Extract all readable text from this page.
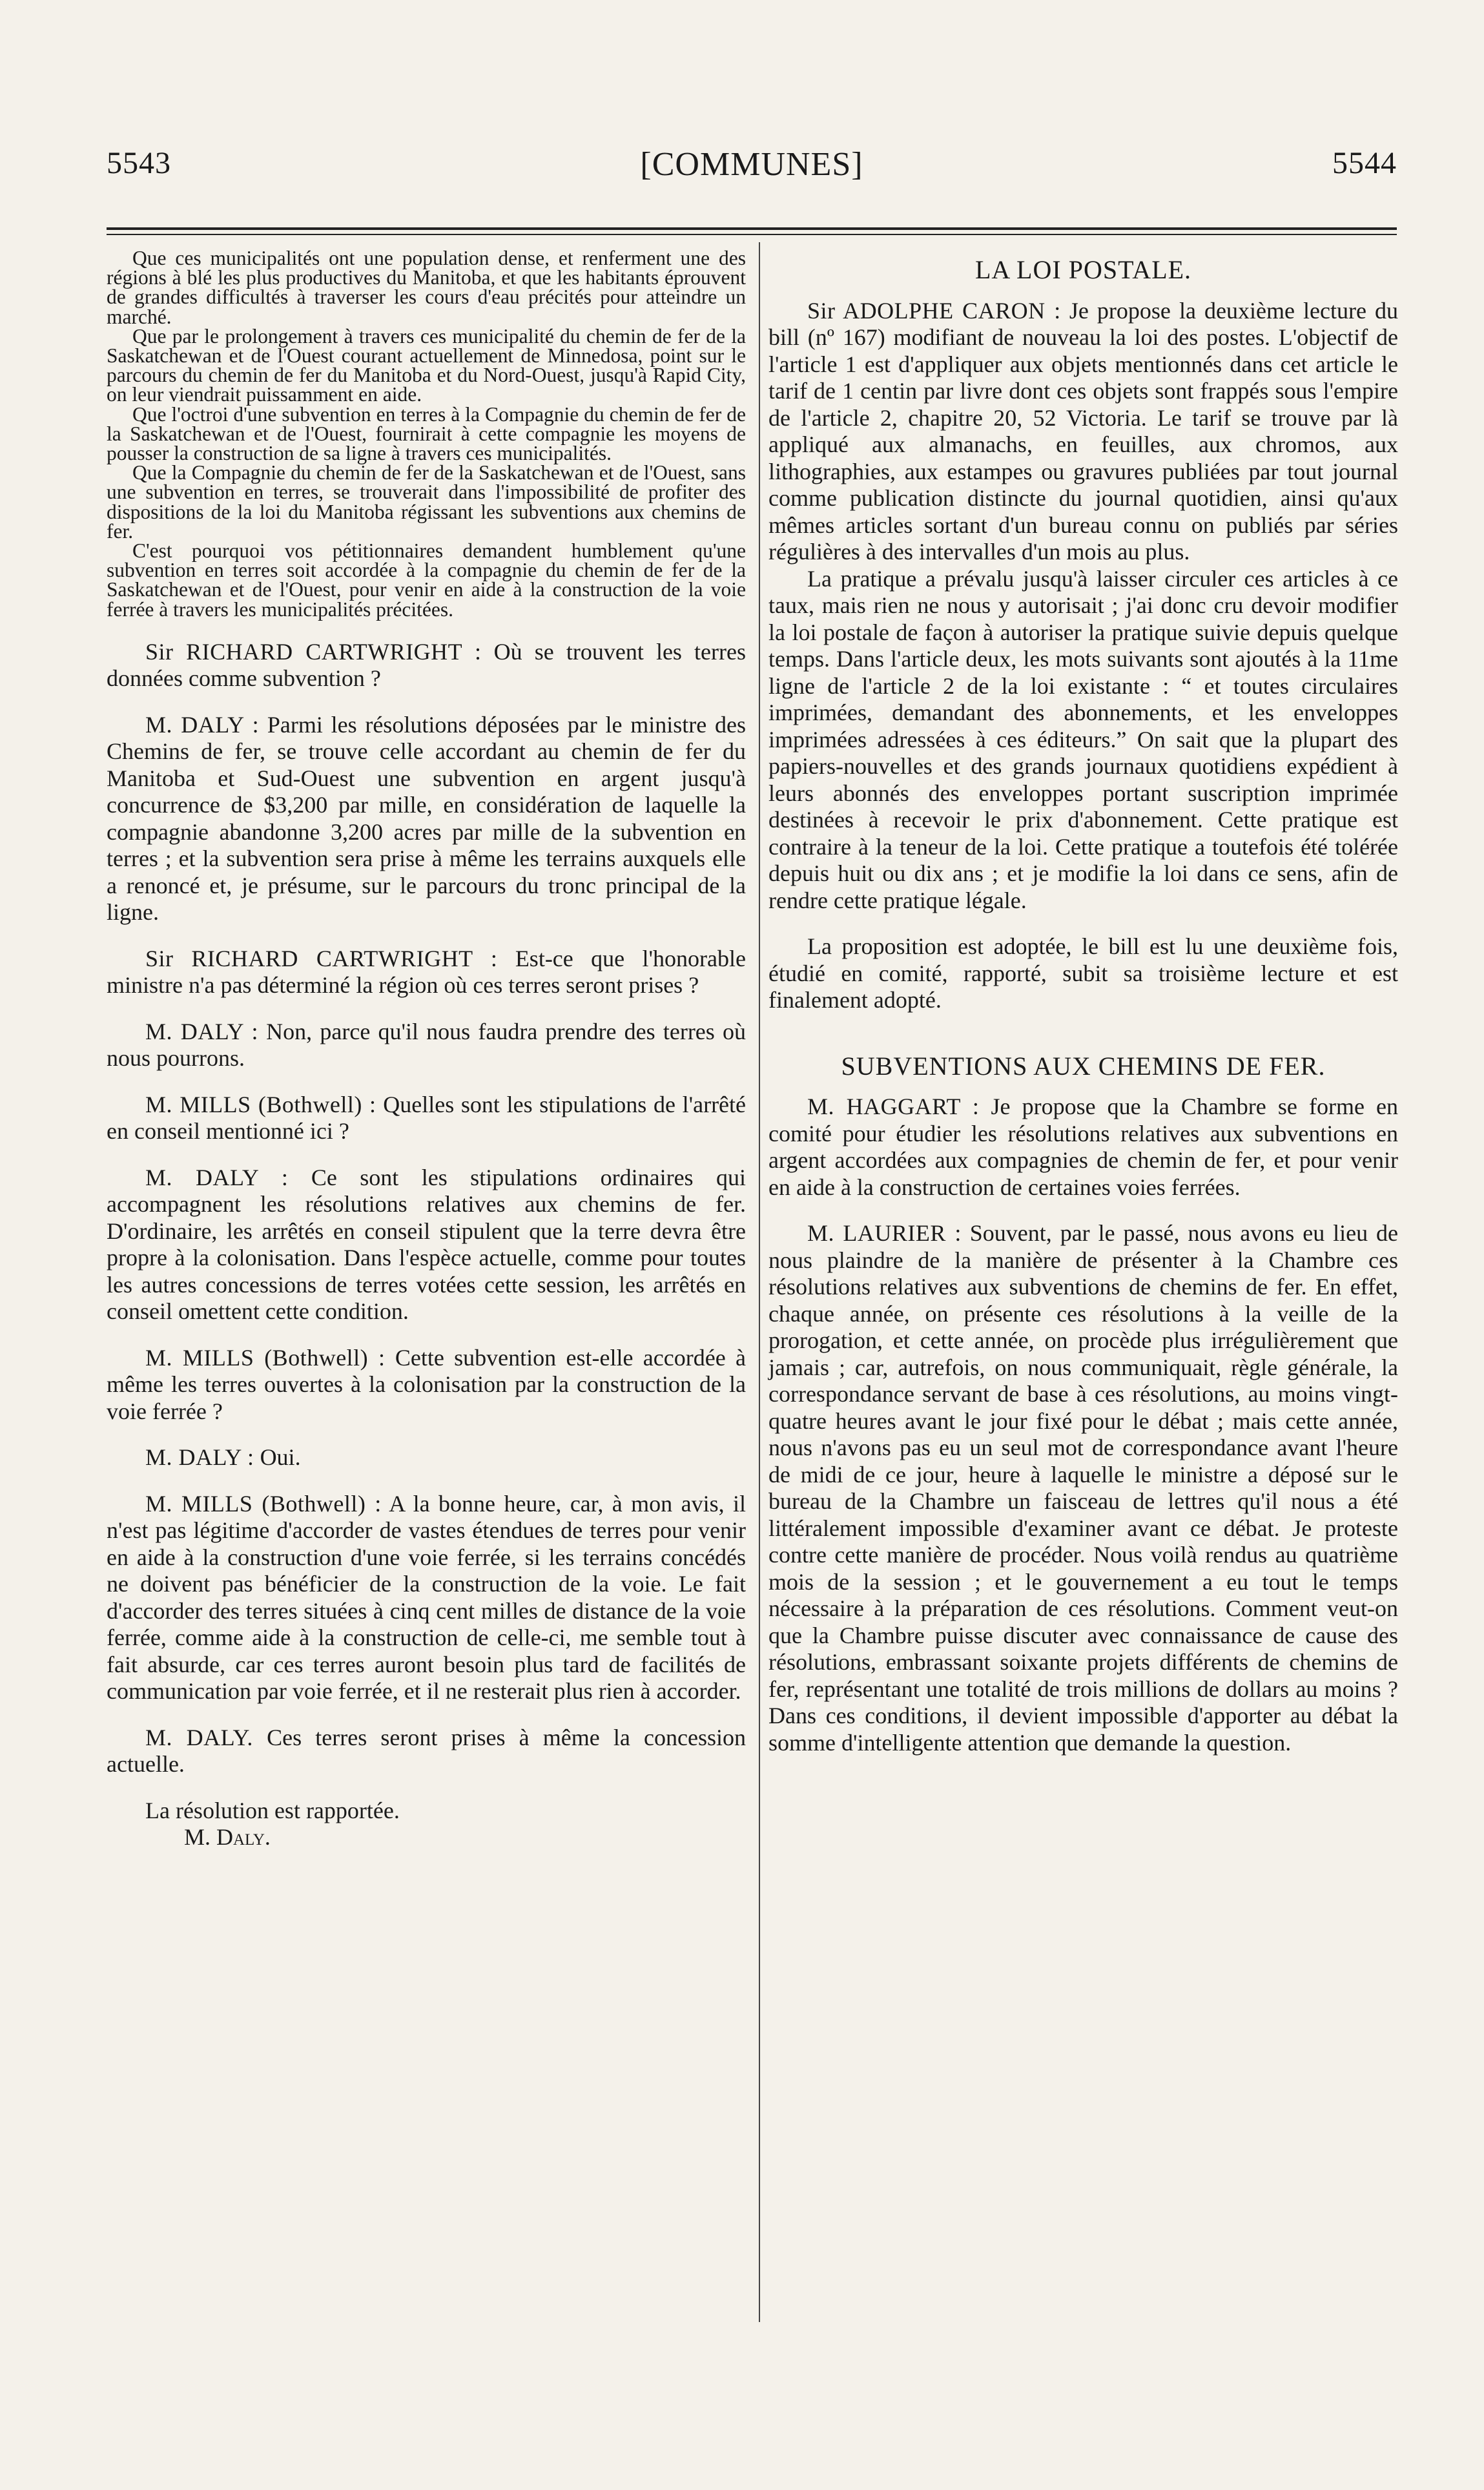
5543	[COMMUNES]	5544

Que ces municipalités ont une population dense, et renferment une des régions à blé les plus productives du Manitoba, et que les habitants éprouvent de grandes difficultés à traverser les cours d'eau précités pour atteindre un marché.

Que par le prolongement à travers ces municipalité du chemin de fer de la Saskatchewan et de l'Ouest courant actuellement de Minnedosa, point sur le parcours du chemin de fer du Manitoba et du Nord-Ouest, jusqu'à Rapid City, on leur viendrait puissamment en aide.

Que l'octroi d'une subvention en terres à la Compagnie du chemin de fer de la Saskatchewan et de l'Ouest, fournirait à cette compagnie les moyens de pousser la construction de sa ligne à travers ces municipalités.

Que la Compagnie du chemin de fer de la Saskatchewan et de l'Ouest, sans une subvention en terres, se trouverait dans l'impossibilité de profiter des dispositions de la loi du Manitoba régissant les subventions aux chemins de fer.

C'est pourquoi vos pétitionnaires demandent humblement qu'une subvention en terres soit accordée à la compagnie du chemin de fer de la Saskatchewan et de l'Ouest, pour venir en aide à la construction de la voie ferrée à travers les municipalités précitées.

Sir RICHARD CARTWRIGHT : Où se trouvent les terres données comme subvention ?

M. DALY : Parmi les résolutions déposées par le ministre des Chemins de fer, se trouve celle accordant au chemin de fer du Manitoba et Sud-Ouest une subvention en argent jusqu'à concurrence de $3,200 par mille, en considération de laquelle la compagnie abandonne 3,200 acres par mille de la subvention en terres ; et la subvention sera prise à même les terrains auxquels elle a renoncé et, je présume, sur le parcours du tronc principal de la ligne.

Sir RICHARD CARTWRIGHT : Est-ce que l'honorable ministre n'a pas déterminé la région où ces terres seront prises ?

M. DALY : Non, parce qu'il nous faudra prendre des terres où nous pourrons.

M. MILLS (Bothwell) : Quelles sont les stipulations de l'arrêté en conseil mentionné ici ?

M. DALY : Ce sont les stipulations ordinaires qui accompagnent les résolutions relatives aux chemins de fer. D'ordinaire, les arrêtés en conseil stipulent que la terre devra être propre à la colonisation. Dans l'espèce actuelle, comme pour toutes les autres concessions de terres votées cette session, les arrêtés en conseil omettent cette condition.

M. MILLS (Bothwell) : Cette subvention est-elle accordée à même les terres ouvertes à la colonisation par la construction de la voie ferrée ?

M. DALY : Oui.

M. MILLS (Bothwell) : A la bonne heure, car, à mon avis, il n'est pas légitime d'accorder de vastes étendues de terres pour venir en aide à la construction d'une voie ferrée, si les terrains concédés ne doivent pas bénéficier de la construction de la voie. Le fait d'accorder des terres situées à cinq cent milles de distance de la voie ferrée, comme aide à la construction de celle-ci, me semble tout à fait absurde, car ces terres auront besoin plus tard de facilités de communication par voie ferrée, et il ne resterait plus rien à accorder.

M. DALY. Ces terres seront prises à même la concession actuelle.

La résolution est rapportée.

M. Daly.

LA LOI POSTALE.

Sir ADOLPHE CARON : Je propose la deuxième lecture du bill (nº 167) modifiant de nouveau la loi des postes. L'objectif de l'article 1 est d'appliquer aux objets mentionnés dans cet article le tarif de 1 centin par livre dont ces objets sont frappés sous l'empire de l'article 2, chapitre 20, 52 Victoria. Le tarif se trouve par là appliqué aux almanachs, en feuilles, aux chromos, aux lithographies, aux estampes ou gravures publiées par tout journal comme publication distincte du journal quotidien, ainsi qu'aux mêmes articles sortant d'un bureau connu on publiés par séries régulières à des intervalles d'un mois au plus.

La pratique a prévalu jusqu'à laisser circuler ces articles à ce taux, mais rien ne nous y autorisait ; j'ai donc cru devoir modifier la loi postale de façon à autoriser la pratique suivie depuis quelque temps. Dans l'article deux, les mots suivants sont ajoutés à la 11me ligne de l'article 2 de la loi existante : “ et toutes circulaires imprimées, demandant des abonnements, et les enveloppes imprimées adressées à ces éditeurs.” On sait que la plupart des papiers-nouvelles et des grands journaux quotidiens expédient à leurs abonnés des enveloppes portant suscription imprimée destinées à recevoir le prix d'abonnement. Cette pratique est contraire à la teneur de la loi. Cette pratique a toutefois été tolérée depuis huit ou dix ans ; et je modifie la loi dans ce sens, afin de rendre cette pratique légale.

La proposition est adoptée, le bill est lu une deuxième fois, étudié en comité, rapporté, subit sa troisième lecture et est finalement adopté.

SUBVENTIONS AUX CHEMINS DE FER.

M. HAGGART : Je propose que la Chambre se forme en comité pour étudier les résolutions relatives aux subventions en argent accordées aux compagnies de chemin de fer, et pour venir en aide à la construction de certaines voies ferrées.

M. LAURIER : Souvent, par le passé, nous avons eu lieu de nous plaindre de la manière de présenter à la Chambre ces résolutions relatives aux subventions de chemins de fer. En effet, chaque année, on présente ces résolutions à la veille de la prorogation, et cette année, on procède plus irrégulièrement que jamais ; car, autrefois, on nous communiquait, règle générale, la correspondance servant de base à ces résolutions, au moins vingt-quatre heures avant le jour fixé pour le débat ; mais cette année, nous n'avons pas eu un seul mot de correspondance avant l'heure de midi de ce jour, heure à laquelle le ministre a déposé sur le bureau de la Chambre un faisceau de lettres qu'il nous a été littéralement impossible d'examiner avant ce débat. Je proteste contre cette manière de procéder. Nous voilà rendus au quatrième mois de la session ; et le gouvernement a eu tout le temps nécessaire à la préparation de ces résolutions. Comment veut-on que la Chambre puisse discuter avec connaissance de cause des résolutions, embrassant soixante projets différents de chemins de fer, représentant une totalité de trois millions de dollars au moins ? Dans ces conditions, il devient impossible d'apporter au débat la somme d'intelligente attention que demande la question.
